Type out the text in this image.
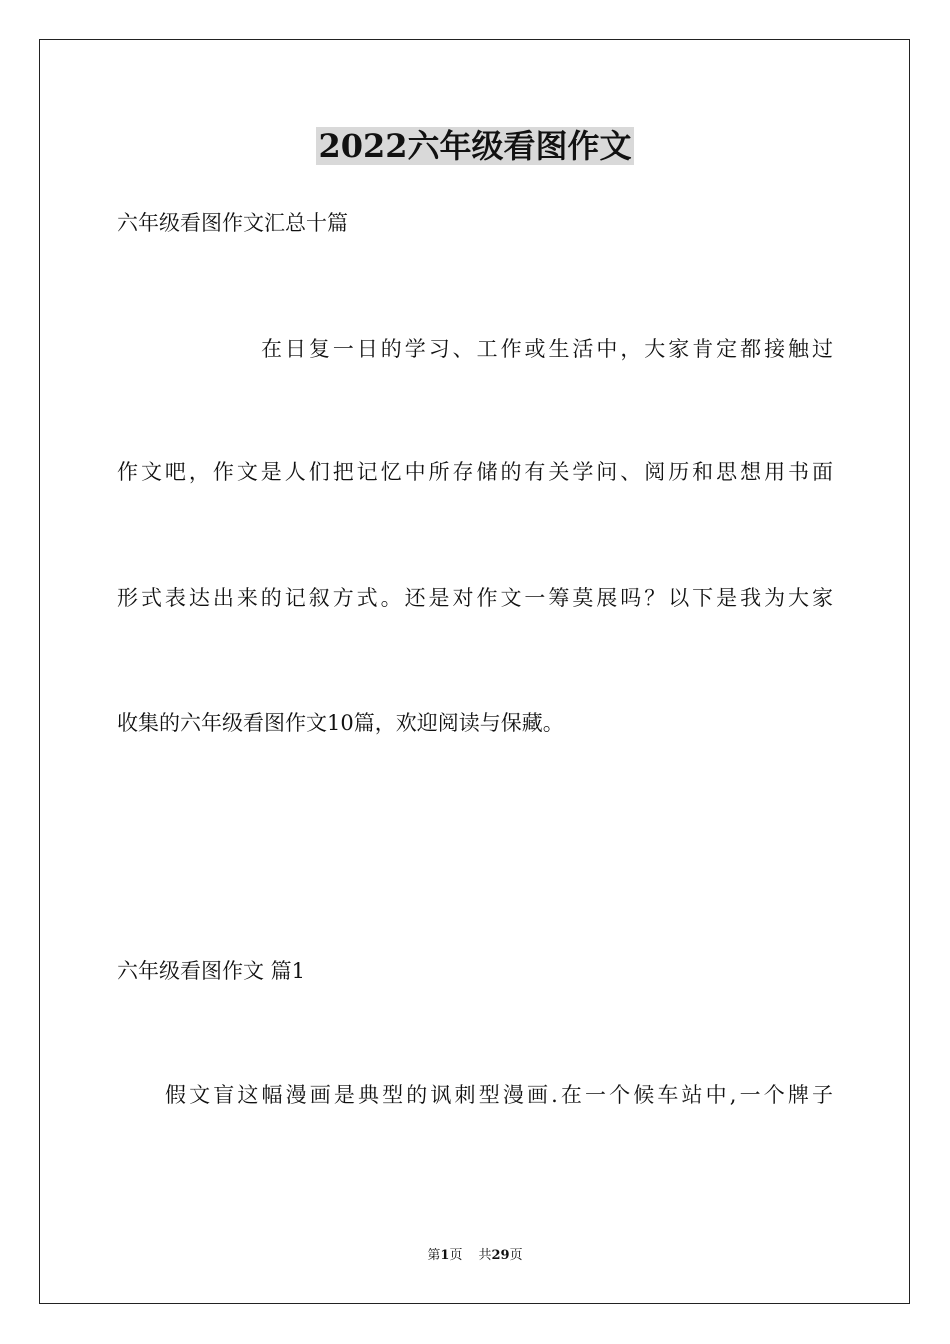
2022六年级看图作文
六年级看图作文汇总十篇
在日复一日的学习、工作或生活中，大家肯定都接触过
作文吧，作文是人们把记忆中所存储的有关学问、阅历和思想用书面
形式表达出来的记叙方式。还是对作文一筹莫展吗？以下是我为大家
收集的六年级看图作文10篇，欢迎阅读与保藏。
六年级看图作文 篇1
假文盲这幅漫画是典型的讽刺型漫画.在一个候车站中,一个牌子
第1页 共29页
